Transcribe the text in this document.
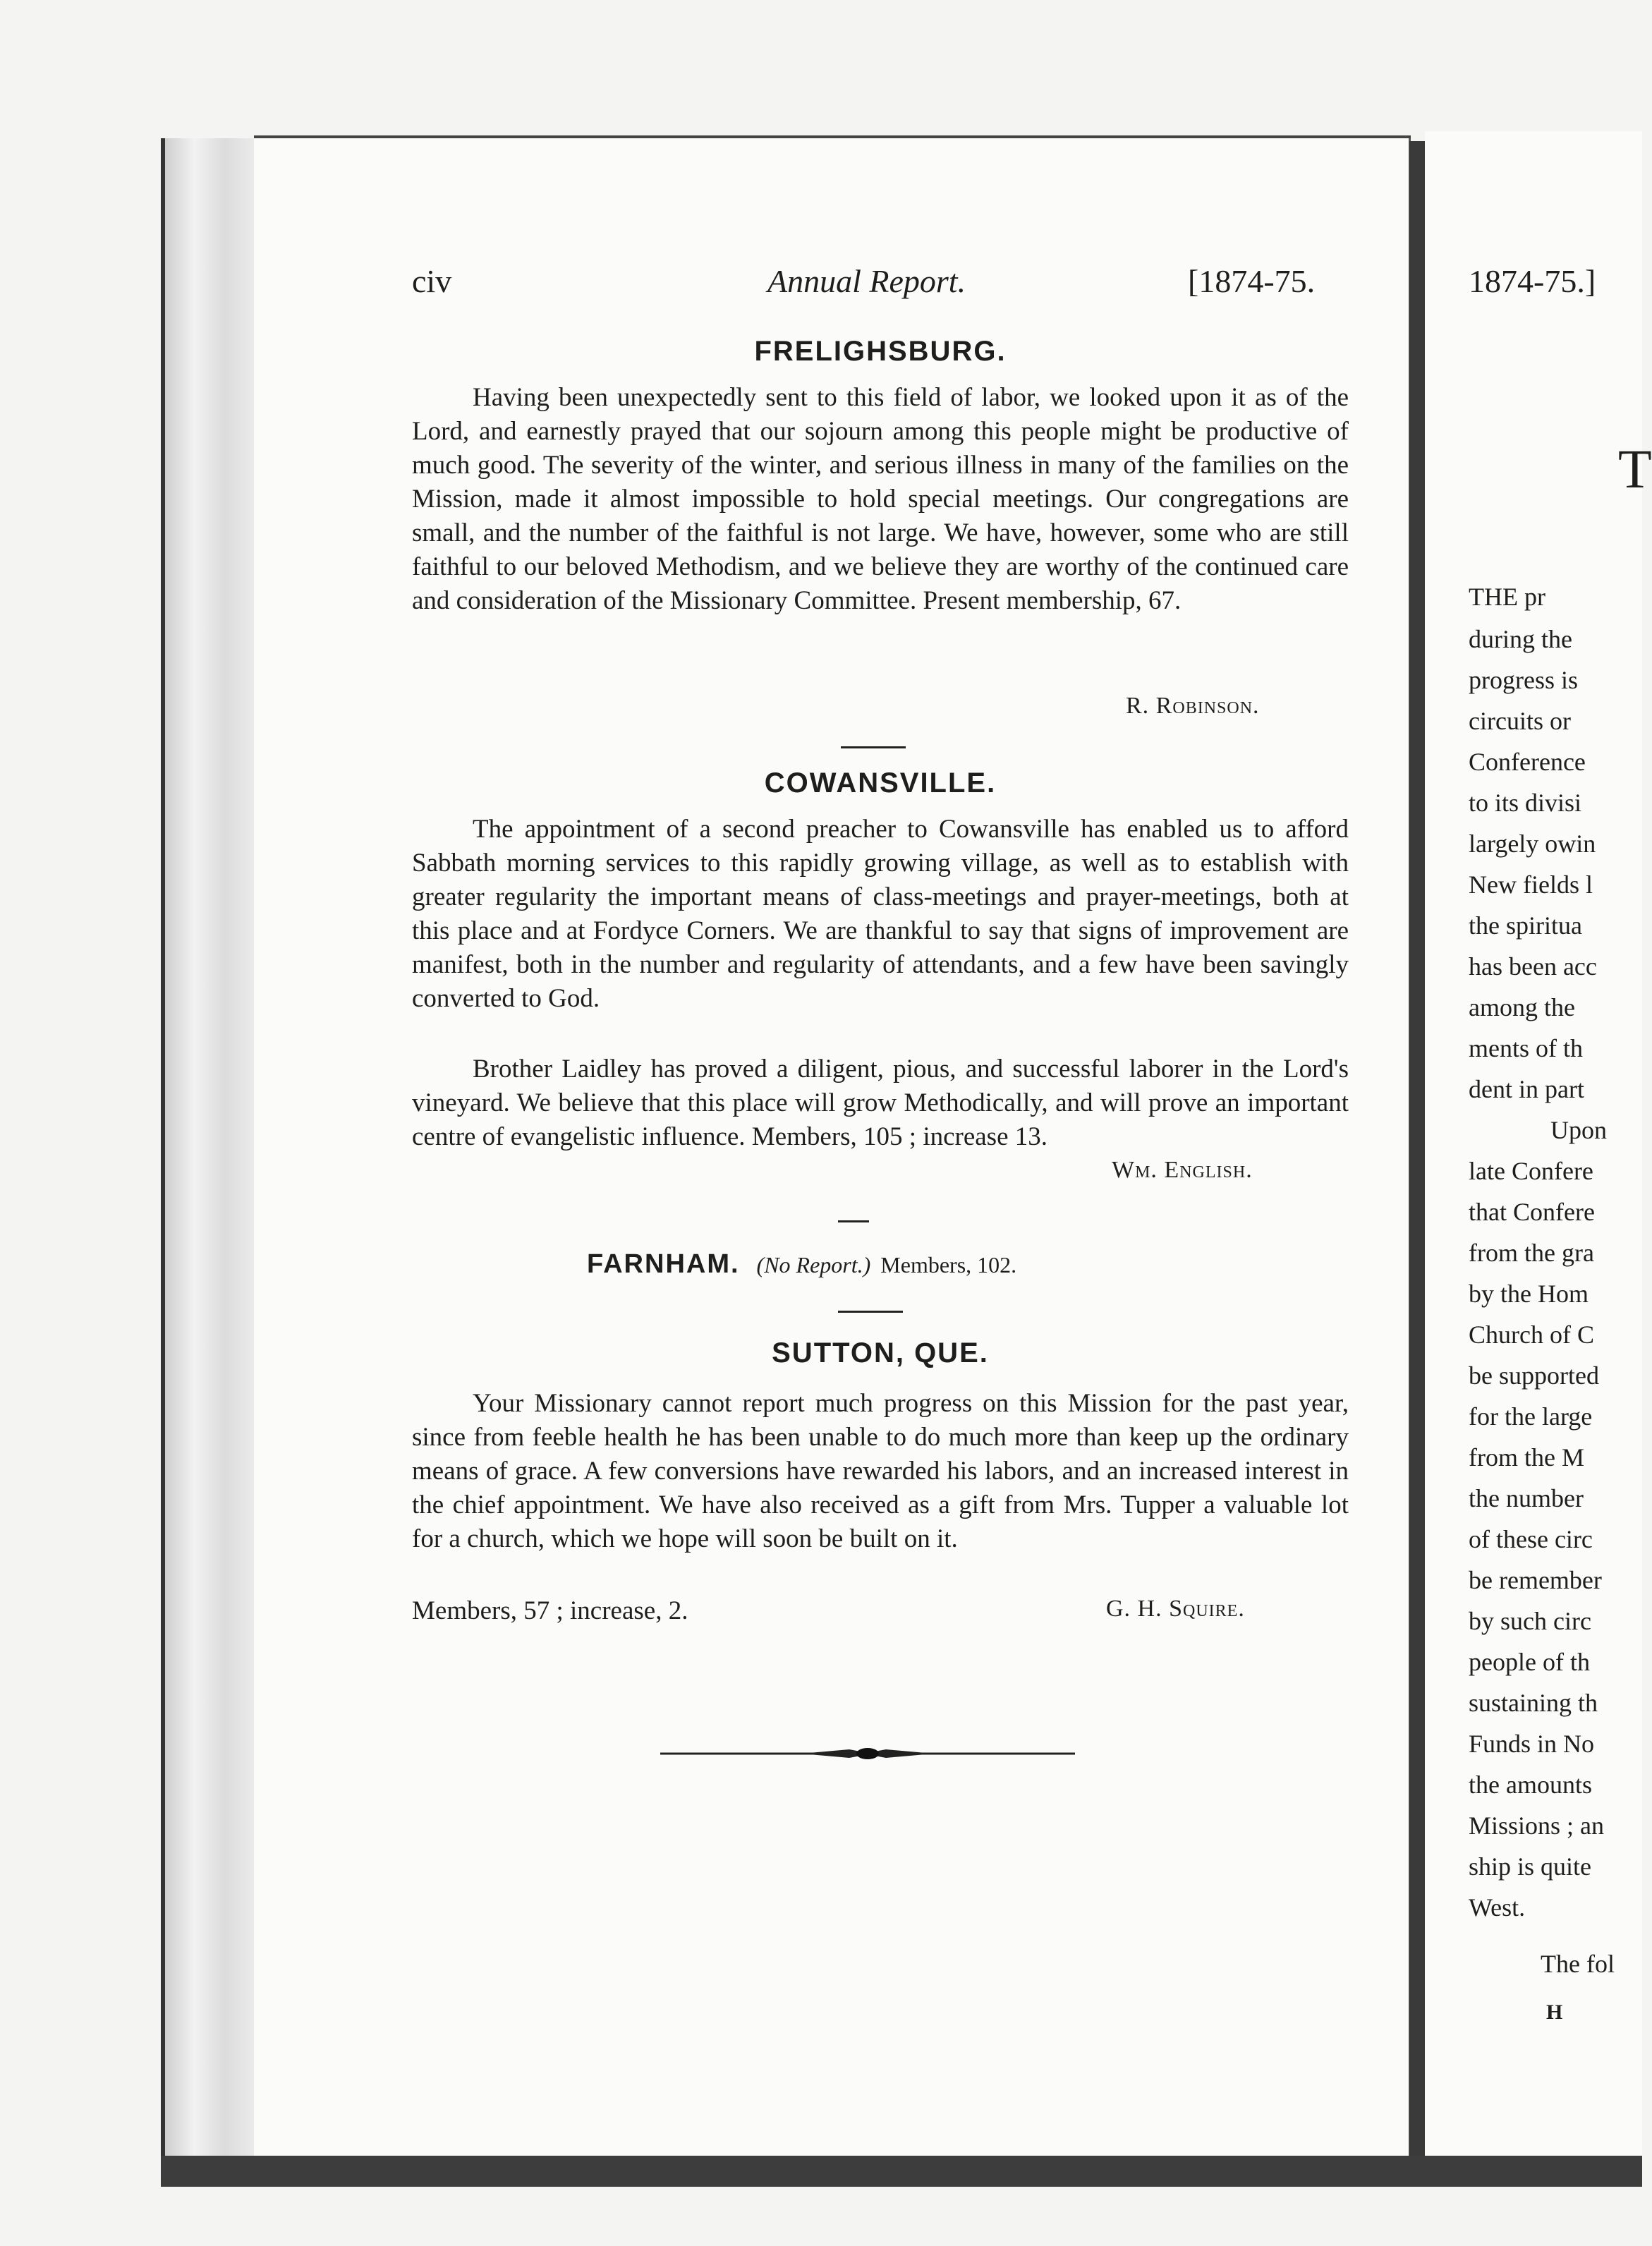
civ	Annual Report.	[1874-75.
FRELIGHSBURG.

Having been unexpectedly sent to this field of labor, we looked upon it as of the Lord, and earnestly prayed that our sojourn among this people might be productive of much good. The severity of the winter, and serious illness in many of the families on the Mission, made it almost impossible to hold special meetings. Our congregations are small, and the number of the faithful is not large. We have, however, some who are still faithful to our beloved Methodism, and we believe they are worthy of the continued care and consideration of the Missionary Committee. Present membership, 67.

R. Robinson.
COWANSVILLE.

The appointment of a second preacher to Cowansville has enabled us to afford Sabbath morning services to this rapidly growing village, as well as to establish with greater regularity the important means of class-meetings and prayer-meetings, both at this place and at Fordyce Corners. We are thankful to say that signs of improvement are manifest, both in the number and regularity of attendants, and a few have been savingly converted to God.

Brother Laidley has proved a diligent, pious, and successful laborer in the Lord's vineyard. We believe that this place will grow Methodically, and will prove an important centre of evangelistic influence. Members, 105 ; increase 13.

Wm. English.
FARNHAM. (No Report.) Members, 102.
SUTTON, QUE.

Your Missionary cannot report much progress on this Mission for the past year, since from feeble health he has been unable to do much more than keep up the ordinary means of grace. A few conversions have rewarded his labors, and an increased interest in the chief appointment. We have also received as a gift from Mrs. Tupper a valuable lot for a church, which we hope will soon be built on it.

Members, 57 ; increase, 2.	G. H. Squire.
1874-75.]
T
THE pr
during the
progress is
circuits or
Conference
to its divisi
largely owin
New fields l
the spiritua
has been acc
among the
ments of th
dent in part
Upon
late Confere
that Confere
from the gra
by the Hom
Church of C
be supported
for the large
from the M
the number
of these circ
be remember
by such circ
people of th
sustaining th
Funds in No
the amounts
Missions ; an
ship is quite
West.
The fol
H
